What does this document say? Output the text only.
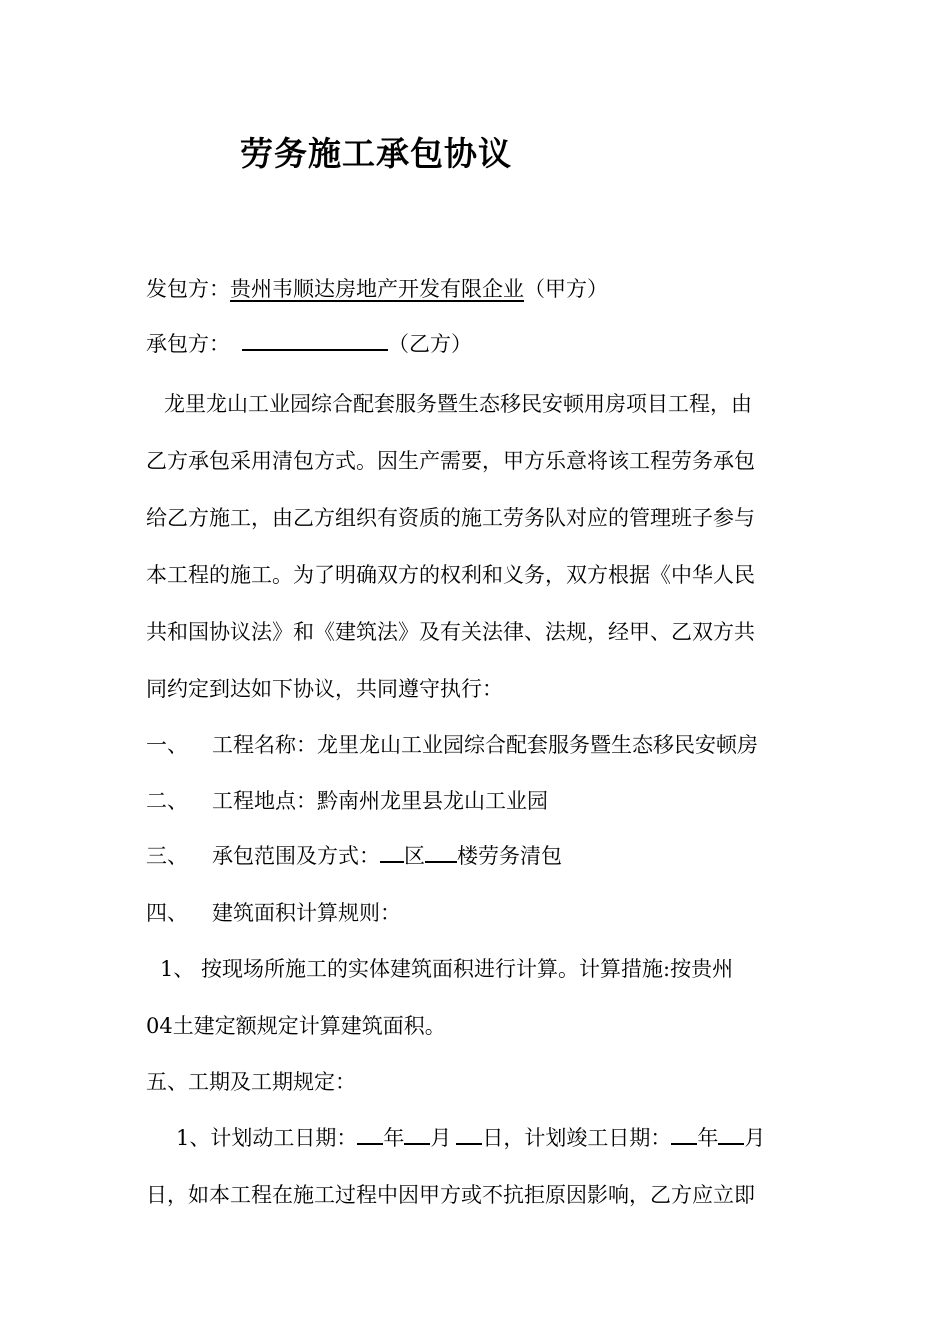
劳务施工承包协议
发包方：贵州韦顺达房地产开发有限企业（甲方）
承包方：	（乙方）
龙里龙山工业园综合配套服务暨生态移民安顿用房项目工程，由
乙方承包采用清包方式。因生产需要，甲方乐意将该工程劳务承包
给乙方施工，由乙方组织有资质的施工劳务队对应的管理班子参与
本工程的施工。为了明确双方的权利和义务，双方根据《中华人民
共和国协议法》和《建筑法》及有关法律、法规，经甲、乙双方共
同约定到达如下协议，共同遵守执行：
一、 工程名称：龙里龙山工业园综合配套服务暨生态移民安顿房
二、 工程地点：黔南州龙里县龙山工业园
三、 承包范围及方式： 区 楼劳务清包
四、 建筑面积计算规则：
1、 按现场所施工的实体建筑面积进行计算。计算措施:按贵州
04土建定额规定计算建筑面积。
五、工期及工期规定：
1、计划动工日期： 年 月 日，计划竣工日期： 年 月
日，如本工程在施工过程中因甲方或不抗拒原因影响，乙方应立即
